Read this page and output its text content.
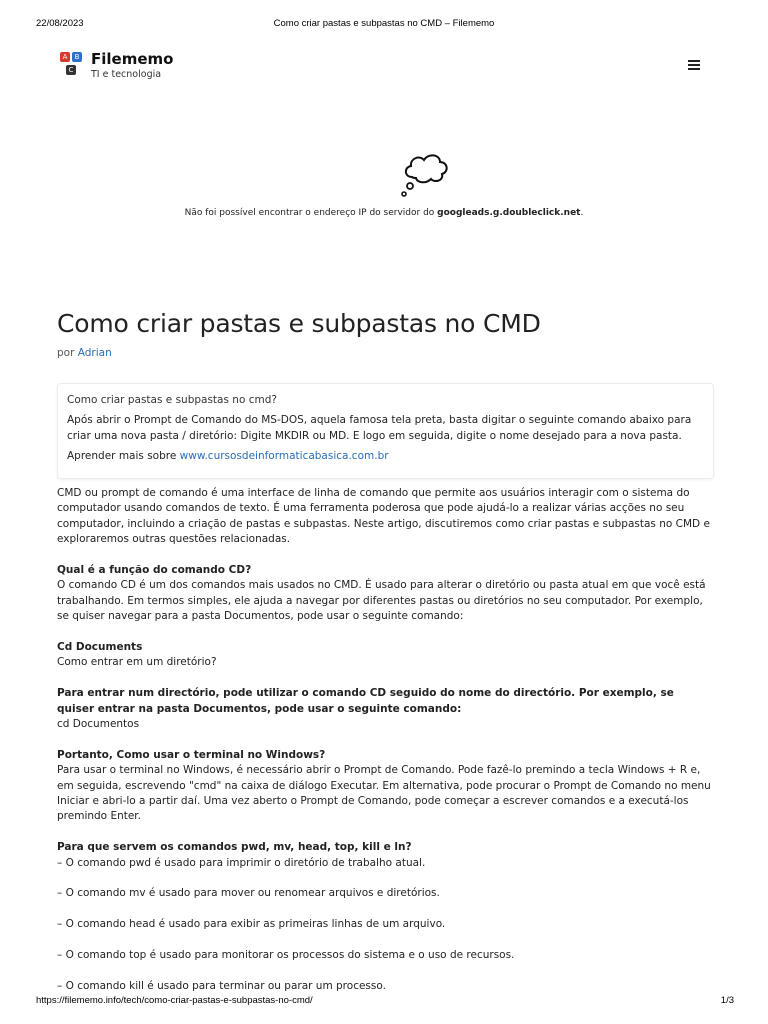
22/08/2023	Como criar pastas e subpastas no CMD – Filememo
A	B
C
Filememo
TI e tecnologia
Não foi possível encontrar o endereço IP do servidor do googleads.g.doubleclick.net.
Como criar pastas e subpastas no CMD
por Adrian
Como criar pastas e subpastas no cmd?
Após abrir o Prompt de Comando do MS-DOS, aquela famosa tela preta, basta digitar o seguinte comando abaixo para criar uma nova pasta / diretório: Digite MKDIR ou MD. E logo em seguida, digite o nome desejado para a nova pasta.
Aprender mais sobre www.cursosdeinformaticabasica.com.br

CMD ou prompt de comando é uma interface de linha de comando que permite aos usuários interagir com o sistema do computador usando comandos de texto. É uma ferramenta poderosa que pode ajudá-lo a realizar várias acções no seu computador, incluindo a criação de pastas e subpastas. Neste artigo, discutiremos como criar pastas e subpastas no CMD e exploraremos outras questões relacionadas.

Qual é a função do comando CD?
O comando CD é um dos comandos mais usados no CMD. É usado para alterar o diretório ou pasta atual em que você está trabalhando. Em termos simples, ele ajuda a navegar por diferentes pastas ou diretórios no seu computador. Por exemplo, se quiser navegar para a pasta Documentos, pode usar o seguinte comando:

Cd Documents
Como entrar em um diretório?

Para entrar num directório, pode utilizar o comando CD seguido do nome do directório. Por exemplo, se quiser entrar na pasta Documentos, pode usar o seguinte comando:
cd Documentos

Portanto, Como usar o terminal no Windows?
Para usar o terminal no Windows, é necessário abrir o Prompt de Comando. Pode fazê-lo premindo a tecla Windows + R e, em seguida, escrevendo "cmd" na caixa de diálogo Executar. Em alternativa, pode procurar o Prompt de Comando no menu Iniciar e abri-lo a partir daí. Uma vez aberto o Prompt de Comando, pode começar a escrever comandos e a executá-los premindo Enter.

Para que servem os comandos pwd, mv, head, top, kill e ln?
– O comando pwd é usado para imprimir o diretório de trabalho atual.

– O comando mv é usado para mover ou renomear arquivos e diretórios.

– O comando head é usado para exibir as primeiras linhas de um arquivo.

– O comando top é usado para monitorar os processos do sistema e o uso de recursos.

– O comando kill é usado para terminar ou parar um processo.

https://filememo.info/tech/como-criar-pastas-e-subpastas-no-cmd/	1/3
